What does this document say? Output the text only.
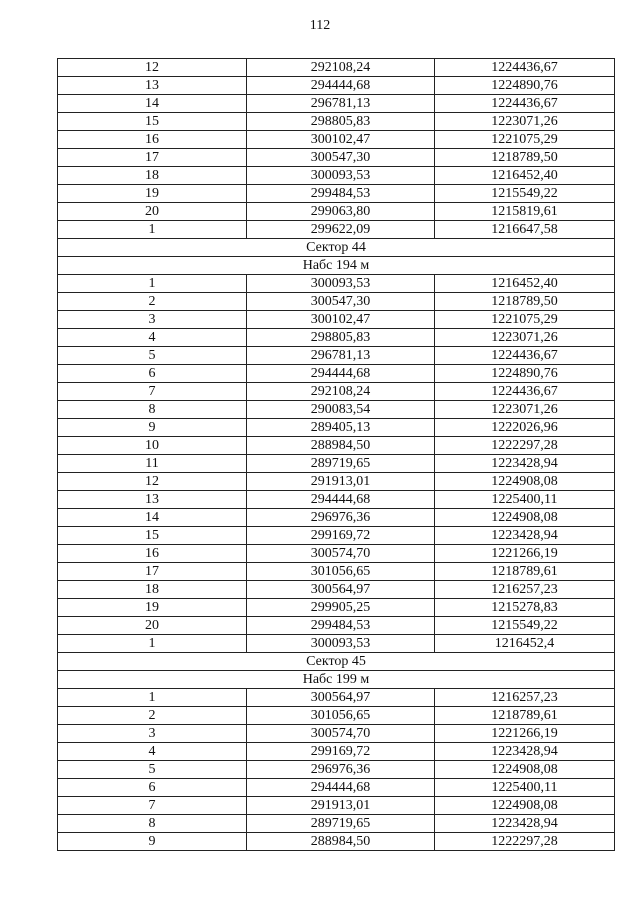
112
12	292108,24	1224436,67
13	294444,68	1224890,76
14	296781,13	1224436,67
15	298805,83	1223071,26
16	300102,47	1221075,29
17	300547,30	1218789,50
18	300093,53	1216452,40
19	299484,53	1215549,22
20	299063,80	1215819,61
1	299622,09	1216647,58
Сектор 44		
Набс 194 м		
1	300093,53	1216452,40
2	300547,30	1218789,50
3	300102,47	1221075,29
4	298805,83	1223071,26
5	296781,13	1224436,67
6	294444,68	1224890,76
7	292108,24	1224436,67
8	290083,54	1223071,26
9	289405,13	1222026,96
10	288984,50	1222297,28
11	289719,65	1223428,94
12	291913,01	1224908,08
13	294444,68	1225400,11
14	296976,36	1224908,08
15	299169,72	1223428,94
16	300574,70	1221266,19
17	301056,65	1218789,61
18	300564,97	1216257,23
19	299905,25	1215278,83
20	299484,53	1215549,22
1	300093,53	1216452,4
Сектор 45		
Набс 199 м		
1	300564,97	1216257,23
2	301056,65	1218789,61
3	300574,70	1221266,19
4	299169,72	1223428,94
5	296976,36	1224908,08
6	294444,68	1225400,11
7	291913,01	1224908,08
8	289719,65	1223428,94
9	288984,50	1222297,28
